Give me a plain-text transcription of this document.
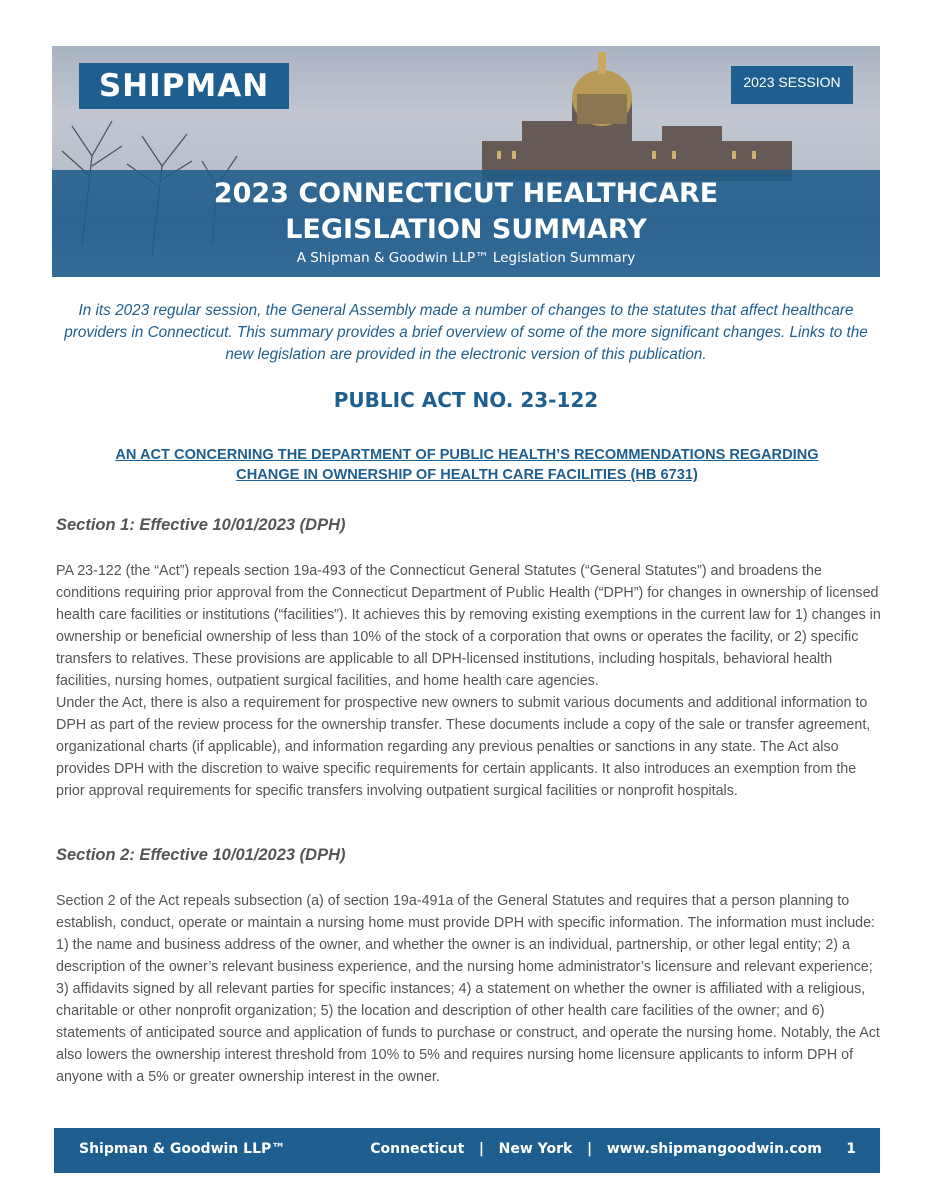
SHIPMAN	2023 SESSION
2023 CONNECTICUT HEALTHCARE
LEGISLATION SUMMARY
A Shipman & Goodwin LLP™ Legislation Summary

In its 2023 regular session, the General Assembly made a number of changes to the statutes that affect healthcare providers in Connecticut. This summary provides a brief overview of some of the more significant changes. Links to the new legislation are provided in the electronic version of this publication.

PUBLIC ACT NO. 23-122
AN ACT CONCERNING THE DEPARTMENT OF PUBLIC HEALTH’S RECOMMENDATIONS REGARDING
CHANGE IN OWNERSHIP OF HEALTH CARE FACILITIES (HB 6731)
Section 1: Effective 10/01/2023 (DPH)
PA 23-122 (the “Act”) repeals section 19a-493 of the Connecticut General Statutes (“General Statutes”) and broadens the conditions requiring prior approval from the Connecticut Department of Public Health (“DPH”) for changes in ownership of licensed health care facilities or institutions (“facilities”). It achieves this by removing existing exemptions in the current law for 1) changes in ownership or beneficial ownership of less than 10% of the stock of a corporation that owns or operates the facility, or 2) specific transfers to relatives. These provisions are applicable to all DPH-licensed institutions, including hospitals, behavioral health facilities, nursing homes, outpatient surgical facilities, and home health care agencies.
Under the Act, there is also a requirement for prospective new owners to submit various documents and additional information to DPH as part of the review process for the ownership transfer. These documents include a copy of the sale or transfer agreement, organizational charts (if applicable), and information regarding any previous penalties or sanctions in any state. The Act also provides DPH with the discretion to waive specific requirements for certain applicants. It also introduces an exemption from the prior approval requirements for specific transfers involving outpatient surgical facilities or nonprofit hospitals.
Section 2: Effective 10/01/2023 (DPH)
Section 2 of the Act repeals subsection (a) of section 19a-491a of the General Statutes and requires that a person planning to establish, conduct, operate or maintain a nursing home must provide DPH with specific information. The information must include: 1) the name and business address of the owner, and whether the owner is an individual, partnership, or other legal entity; 2) a description of the owner’s relevant business experience, and the nursing home administrator’s licensure and relevant experience; 3) affidavits signed by all relevant parties for specific instances; 4) a statement on whether the owner is affiliated with a religious, charitable or other nonprofit organization; 5) the location and description of other health care facilities of the owner; and 6) statements of anticipated source and application of funds to purchase or construct, and operate the nursing home. Notably, the Act also lowers the ownership interest threshold from 10% to 5% and requires nursing home licensure applicants to inform DPH of anyone with a 5% or greater ownership interest in the owner.
Shipman & Goodwin LLP™	Connecticut   |   New York   |   www.shipmangoodwin.com 1
